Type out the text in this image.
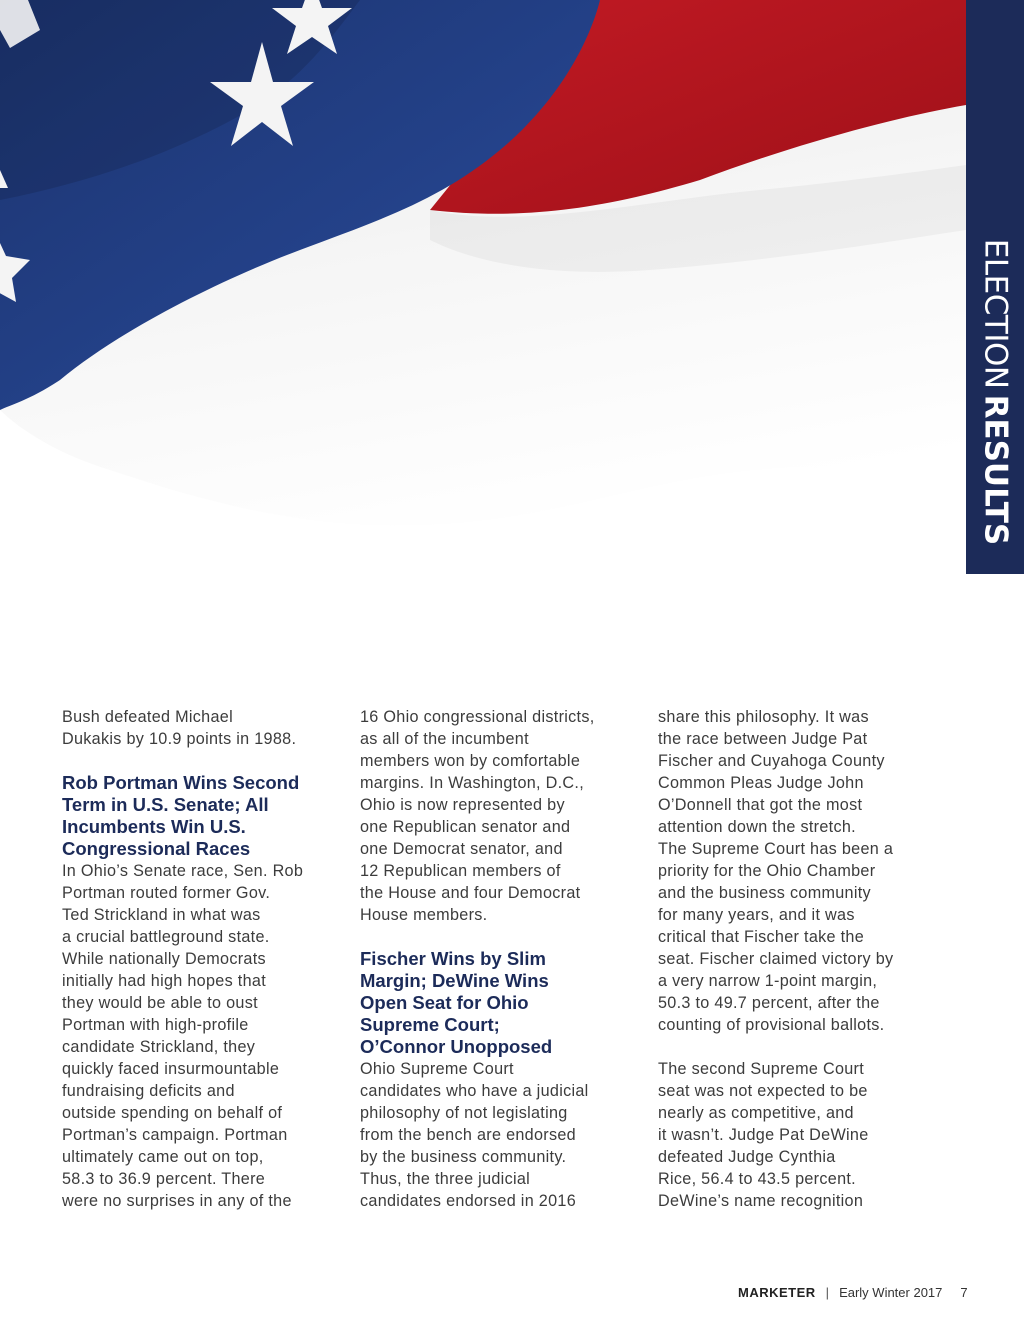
ELECTIONRESULTS
Bush defeated Michael
Dukakis by 10.9 points in 1988.
Rob Portman Wins Second
Term in U.S. Senate; All
Incumbents Win U.S.
Congressional Races
In Ohio’s Senate race, Sen. Rob
Portman routed former Gov.
Ted Strickland in what was
a crucial battleground state.
While nationally Democrats
initially had high hopes that
they would be able to oust
Portman with high-profile
candidate Strickland, they
quickly faced insurmountable
fundraising deficits and
outside spending on behalf of
Portman’s campaign. Portman
ultimately came out on top,
58.3 to 36.9 percent. There
were no surprises in any of the
16 Ohio congressional districts,
as all of the incumbent
members won by comfortable
margins. In Washington, D.C.,
Ohio is now represented by
one Republican senator and
one Democrat senator, and
12 Republican members of
the House and four Democrat
House members.
Fischer Wins by Slim
Margin; DeWine Wins
Open Seat for Ohio
Supreme Court;
O’Connor Unopposed
Ohio Supreme Court
candidates who have a judicial
philosophy of not legislating
from the bench are endorsed
by the business community.
Thus, the three judicial
candidates endorsed in 2016
share this philosophy. It was
the race between Judge Pat
Fischer and Cuyahoga County
Common Pleas Judge John
O’Donnell that got the most
attention down the stretch.
The Supreme Court has been a
priority for the Ohio Chamber
and the business community
for many years, and it was
critical that Fischer take the
seat. Fischer claimed victory by
a very narrow 1-point margin,
50.3 to 49.7 percent, after the
counting of provisional ballots.
The second Supreme Court
seat was not expected to be
nearly as competitive, and
it wasn’t. Judge Pat DeWine
defeated Judge Cynthia
Rice, 56.4 to 43.5 percent.
DeWine’s name recognition
MARKETER | Early Winter 2017 7
